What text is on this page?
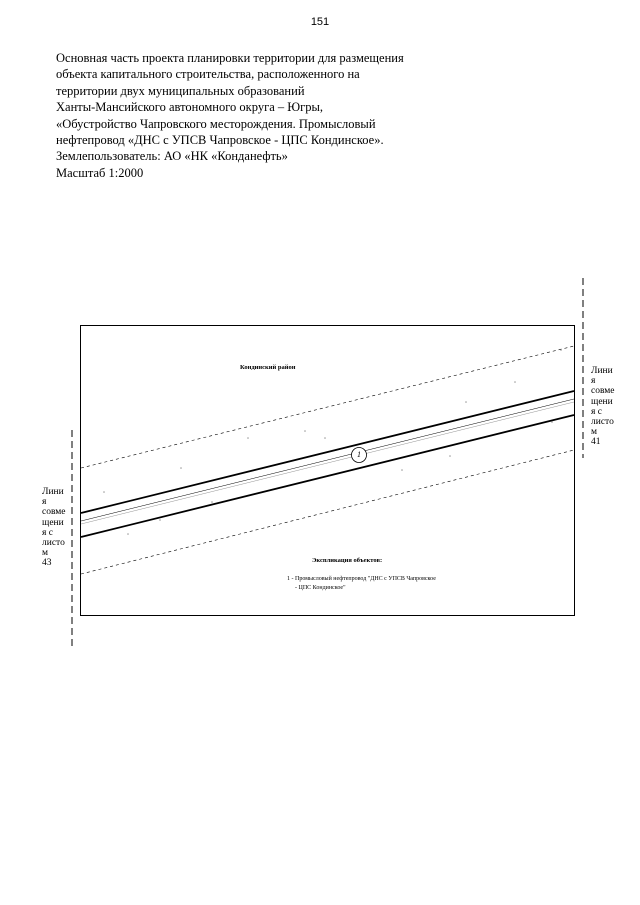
151
Основная часть проекта планировки территории для размещения
объекта капитального строительства, расположенного на
территории двух муниципальных образований
Ханты-Мансийского автономного округа – Югры,
«Обустройство Чапровского месторождения. Промысловый
нефтепровод «ДНС с УПСВ Чапровское - ЦПС Кондинское».
Землепользователь: АО «НК «Конданефть»
Масштаб 1:2000
1
Кондинский район
Экспликация объектов:
1 - Промысловый нефтепровод "ДНС с УПСВ Чапровское
- ЦПС Кондинское"
Лини
я
совме
щени
я с
листо
м
43
Лини
я
совме
щени
я с
листо
м
41
